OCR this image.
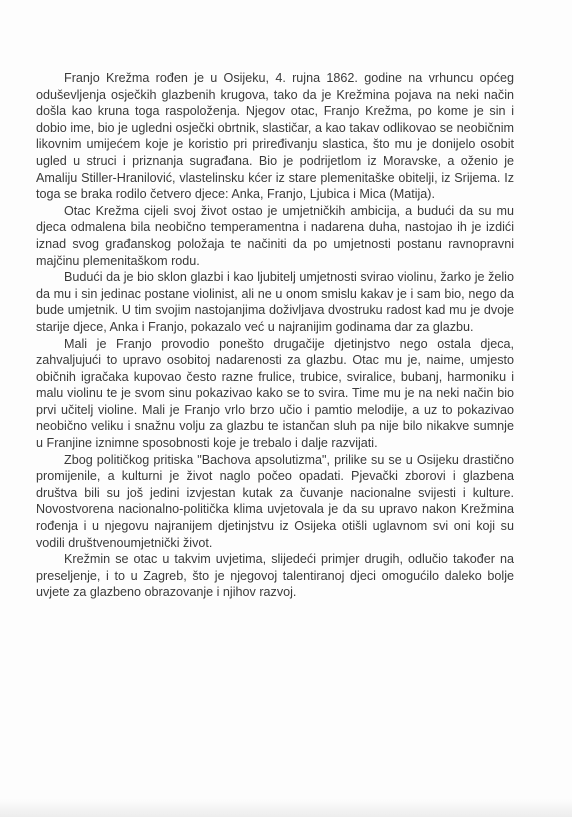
Franjo Krežma rođen je u Osijeku, 4. rujna 1862. godine na vrhuncu općeg oduševljenja osječkih glazbenih krugova, tako da je Krežmina pojava na neki način došla kao kruna toga raspoloženja. Njegov otac, Franjo Krežma, po kome je sin i dobio ime, bio je ugledni osječki obrtnik, slastičar, a kao takav odlikovao se neobičnim likovnim umijećem koje je koristio pri priređivanju slastica, što mu je donijelo osobit ugled u struci i priznanja sugrađana. Bio je podrijetlom iz Moravske, a oženio je Amaliju Stiller-Hranilović, vlastelinsku kćer iz stare plemenitaške obitelji, iz Srijema. Iz toga se braka rodilo četvero djece: Anka, Franjo, Ljubica i Mica (Matija).

Otac Krežma cijeli svoj život ostao je umjetničkih ambicija, a budući da su mu djeca odmalena bila neobično temperamentna i nadarena duha, nastojao ih je izdići iznad svog građanskog položaja te načiniti da po umjetnosti postanu ravnopravni majčinu plemenitaškom rodu.

Budući da je bio sklon glazbi i kao ljubitelj umjetnosti svirao violinu, žarko je želio da mu i sin jedinac postane violinist, ali ne u onom smislu kakav je i sam bio, nego da bude umjetnik. U tim svojim nastojanjima doživljava dvostruku radost kad mu je dvoje starije djece, Anka i Franjo, pokazalo već u najranijim godinama dar za glazbu.

Mali je Franjo provodio ponešto drugačije djetinjstvo nego ostala djeca, zahvaljujući to upravo osobitoj nadarenosti za glazbu. Otac mu je, naime, umjesto običnih igračaka kupovao često razne frulice, trubice, sviralice, bubanj, harmoniku i malu violinu te je svom sinu pokazivao kako se to svira. Time mu je na neki način bio prvi učitelj violine. Mali je Franjo vrlo brzo učio i pamtio melodije, a uz to pokazivao neobično veliku i snažnu volju za glazbu te istančan sluh pa nije bilo nikakve sumnje u Franjine iznimne sposobnosti koje je trebalo i dalje razvijati.

Zbog političkog pritiska "Bachova apsolutizma", prilike su se u Osijeku drastično promijenile, a kulturni je život naglo počeo opadati. Pjevački zborovi i glazbena društva bili su još jedini izvjestan kutak za čuvanje nacionalne svijesti i kulture. Novostvorena nacionalno-politička klima uvjetovala je da su upravo nakon Krežmina rođenja i u njegovu najranijem djetinjstvu iz Osijeka otišli uglavnom svi oni koji su vodili društvenoumjetnički život.

Krežmin se otac u takvim uvjetima, slijedeći primjer drugih, odlučio također na preseljenje, i to u Zagreb, što je njegovoj talentiranoj djeci omogućilo daleko bolje uvjete za glazbeno obrazovanje i njihov razvoj.
